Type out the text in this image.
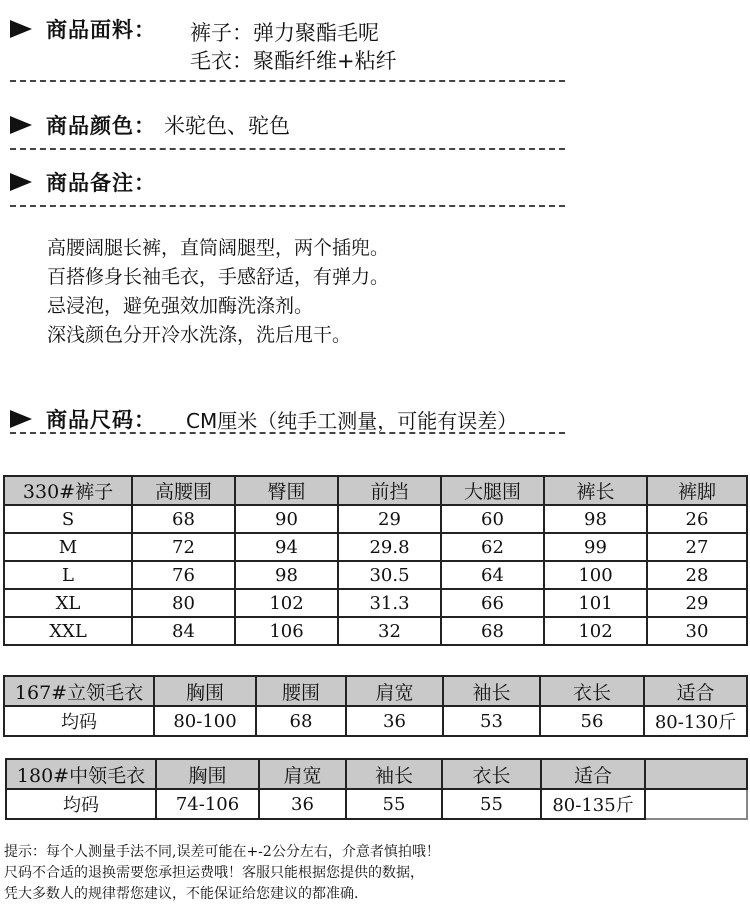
商品面料： 裤子：弹力聚酯毛呢
毛衣：聚酯纤维+粘纤
商品颜色： 米驼色、驼色
商品备注：
高腰阔腿长裤，直筒阔腿型，两个插兜。
百搭修身长袖毛衣，手感舒适，有弹力。
忌浸泡，避免强效加酶洗涤剂。
深浅颜色分开冷水洗涤，洗后甩干。
商品尺码： CM厘米（纯手工测量，可能有误差）
330#裤子	高腰围	臀围	前挡	大腿围	裤长	裤脚
S	68	90	29	60	98	26
M	72	94	29.8	62	99	27
L	76	98	30.5	64	100	28
XL	80	102	31.3	66	101	29
XXL	84	106	32	68	102	30
167#立领毛衣	胸围	腰围	肩宽	袖长	衣长	适合
均码	80-100	68	36	53	56	80-130斤
180#中领毛衣	胸围	肩宽	袖长	衣长	适合	
均码	74-106	36	55	55	80-135斤	
提示：每个人测量手法不同,误差可能在+-2公分左右，介意者慎拍哦！
尺码不合适的退换需要您承担运费哦！客服只能根据您提供的数据，
凭大多数人的规律帮您建议，不能保证给您建议的都准确.
